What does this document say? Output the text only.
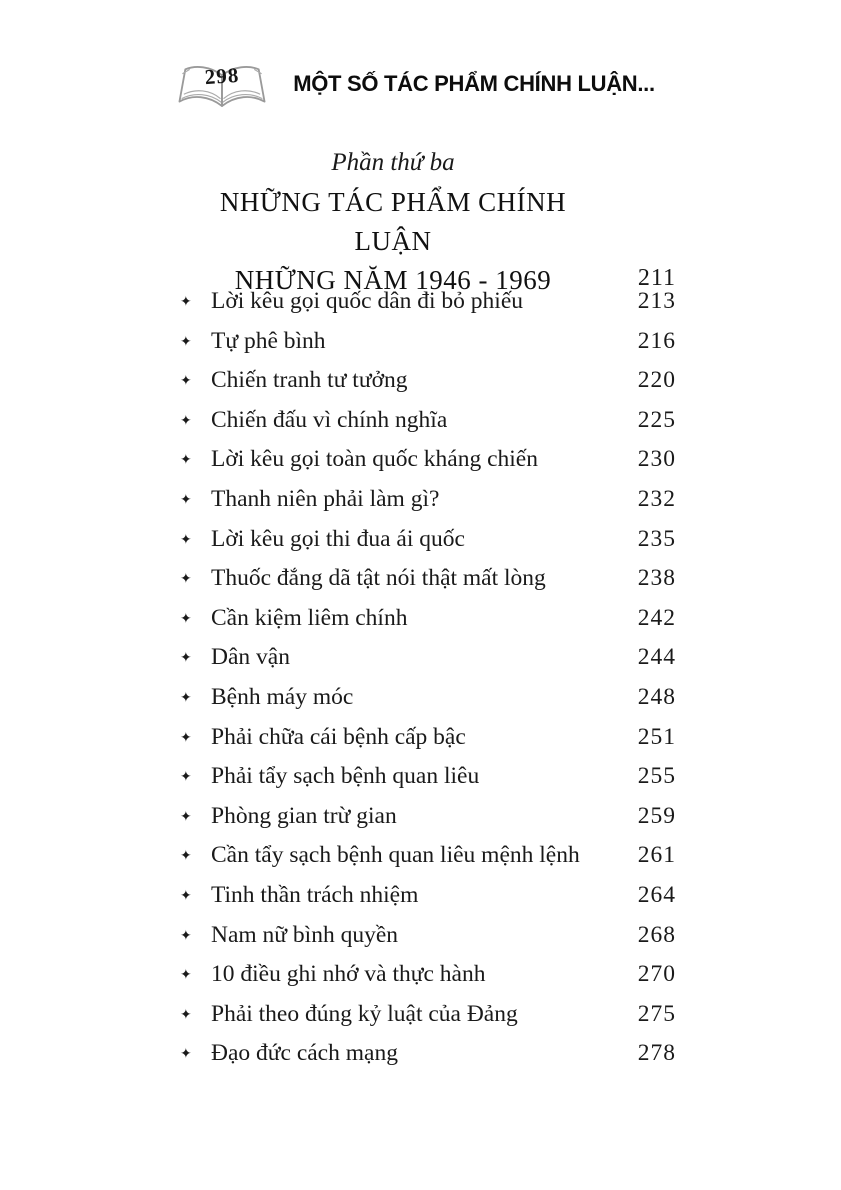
298	MỘT SỐ TÁC PHẨM CHÍNH LUẬN...
Phần thứ ba
NHỮNG TÁC PHẨM CHÍNH LUẬN
NHỮNG NĂM 1946 - 1969	211
✦ Lời kêu gọi quốc dân đi bỏ phiếu	213
✦ Tự phê bình	216
✦ Chiến tranh tư tưởng	220
✦ Chiến đấu vì chính nghĩa	225
✦ Lời kêu gọi toàn quốc kháng chiến	230
✦ Thanh niên phải làm gì?	232
✦ Lời kêu gọi thi đua ái quốc	235
✦ Thuốc đắng dã tật nói thật mất lòng	238
✦ Cần kiệm liêm chính	242
✦ Dân vận	244
✦ Bệnh máy móc	248
✦ Phải chữa cái bệnh cấp bậc	251
✦ Phải tẩy sạch bệnh quan liêu	255
✦ Phòng gian trừ gian	259
✦ Cần tẩy sạch bệnh quan liêu mệnh lệnh	261
✦ Tinh thần trách nhiệm	264
✦ Nam nữ bình quyền	268
✦ 10 điều ghi nhớ và thực hành	270
✦ Phải theo đúng kỷ luật của Đảng	275
✦ Đạo đức cách mạng	278
